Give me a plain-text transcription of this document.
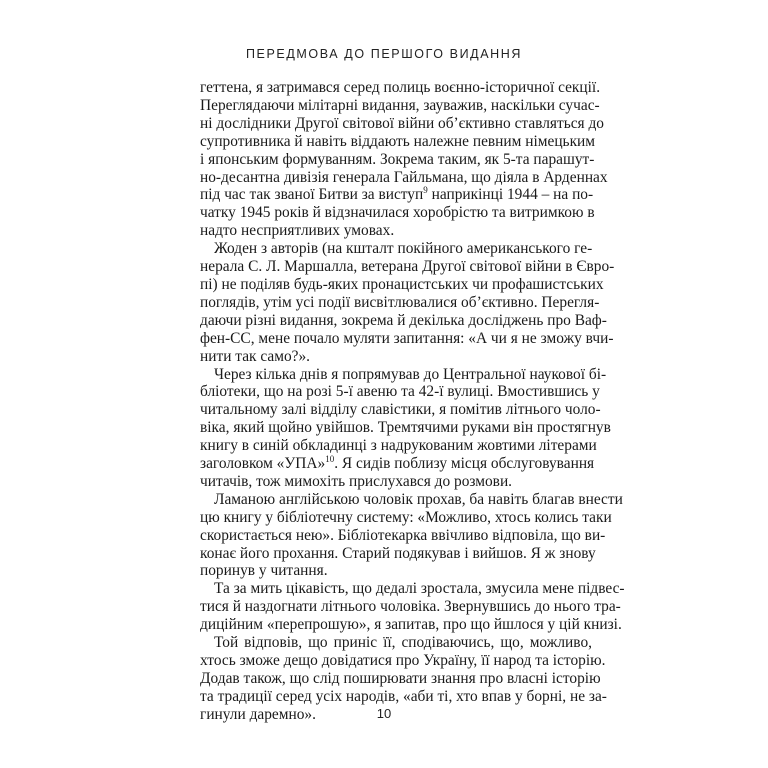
ПЕРЕДМОВА ДО ПЕРШОГО ВИДАННЯ

геттена, я затримався серед полиць воєнно-історичної секції.
Переглядаючи мілітарні видання, зауважив, наскільки сучас-
ні дослідники Другої світової війни об’єктивно ставляться до
супротивника й навіть віддають належне певним німецьким
і японським формуванням. Зокрема таким, як 5-та парашут-
но-десантна дивізія генерала Гайльмана, що діяла в Арденнах
під час так званої Битви за виступ$^9$ наприкінці 1944 – на по-
чатку 1945 років й відзначилася хоробрістю та витримкою в
надто несприятливих умовах.

Жоден з авторів (на кшталт покійного американського ге-
нерала С. Л. Маршалла, ветерана Другої світової війни в Євро-
пі) не поділяв будь-яких пронацистських чи профашистських
поглядів, утім усі події висвітлювалися об’єктивно. Перегля-
даючи різні видання, зокрема й декілька досліджень про Ваф-
фен-СС, мене почало муляти запитання: «А чи я не зможу вчи-
нити так само?».

Через кілька днів я попрямував до Центральної наукової бі-
бліотеки, що на розі 5-ї авеню та 42-ї вулиці. Вмостившись у
читальному залі відділу славістики, я помітив літнього чоло-
віка, який щойно увійшов. Тремтячими руками він простягнув
книгу в синій обкладинці з надрукованим жовтими літерами
заголовком «УПА»$^{10}$. Я сидів поблизу місця обслуговування
читачів, тож мимохіть прислухався до розмови.

Ламаною англійською чоловік прохав, ба навіть благав внести
цю книгу у бібліотечну систему: «Можливо, хтось колись таки
скористається нею». Бібліотекарка ввічливо відповіла, що ви-
конає його прохання. Старий подякував і вийшов. Я ж знову
поринув у читання.

Та за мить цікавість, що дедалі зростала, змусила мене підвес-
тися й наздогнати літнього чоловіка. Звернувшись до нього тра-
диційним «перепрошую», я запитав, про що йшлося у цій книзі.

Той відповів, що приніс її, сподіваючись, що, можливо,
хтось зможе дещо довідатися про Україну, її народ та історію.
Додав також, що слід поширювати знання про власні історію
та традиції серед усіх народів, «аби ті, хто впав у борні, не за-
гинули даремно».	10
